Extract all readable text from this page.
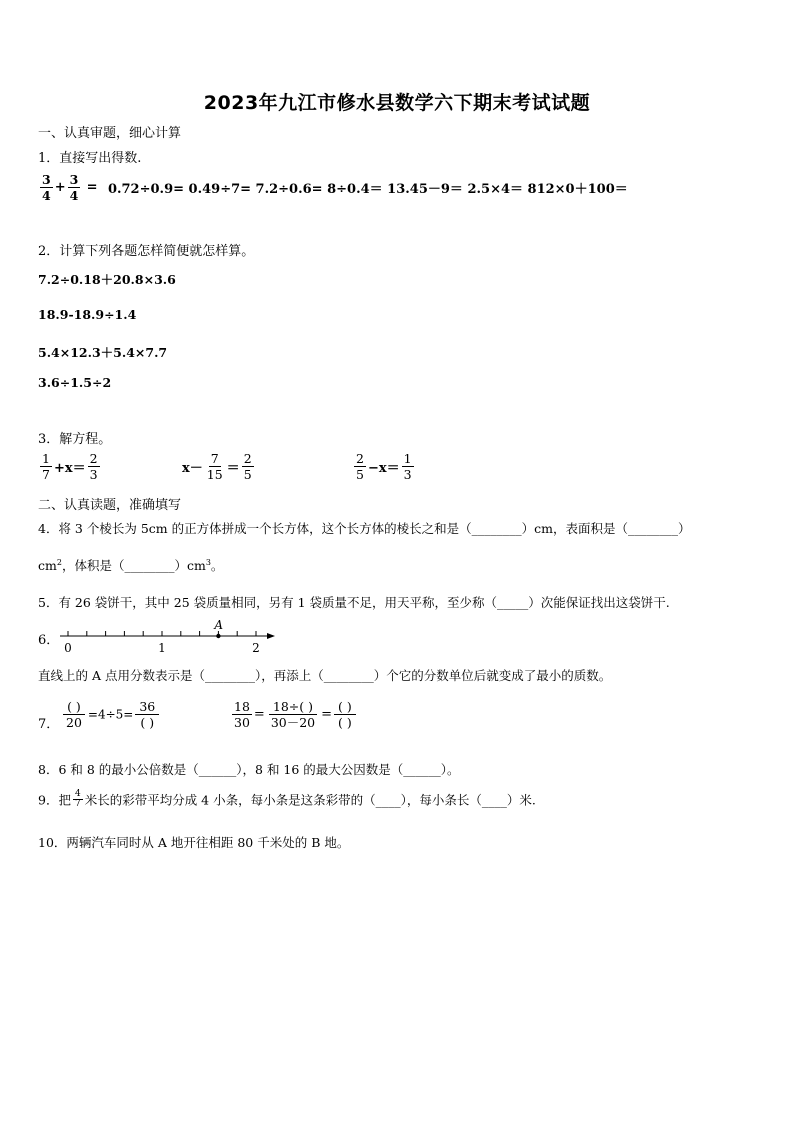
2023年九江市修水县数学六下期末考试试题
一、认真审题，细心计算
1．直接写出得数.
$\frac{3}{4} + \frac{3}{4} = 0.72\div 0.9= 0.49\div 7= 7.2\div 0.6= 8\div 0.4= 13.45-9= 2.5\times 4= 812\times 0+100=$
2．计算下列各题怎样简便就怎样算。
7.2÷0.18＋20.8×3.6
18.9-18.9÷1.4
5.4×12.3＋5.4×7.7
3.6÷1.5÷2
3．解方程。
$\frac{1}{7} +x= \frac{2}{3}$	$x- \frac{7}{15} = \frac{2}{5}$	$\frac{2}{5} -x= \frac{1}{3}$
二、认真读题，准确填写
4．将 3 个棱长为 5cm 的正方体拼成一个长方体，这个长方体的棱长之和是（________）cm，表面积是（________）
$cm^2$，体积是$(\_\_\_\_\_\_\_\_)cm^3$。
5．有 26 袋饼干，其中 25 袋质量相同，另有 1 袋质量不足，用天平称，至少称（_____）次能保证找出这袋饼干.
6．
A
0	1	2
直线上的 A 点用分数表示是（________），再添上（________）个它的分数单位后就变成了最小的质数。
7． $\frac{( )}{20} =4\div 5= \frac{36}{( )}$	$\frac{18}{30} = \frac{18\div( )}{30-20} = \frac{( )}{( )}$
8．6 和 8 的最小公倍数是（______），8 和 16 的最大公因数是（______）。
9．把 $\frac{4}{7}$ 米长的彩带平均分成 4 小条，每小条是这条彩带的（____），每小条长（____）米.
10．两辆汽车同时从 A 地开往相距 80 千米处的 B 地。
